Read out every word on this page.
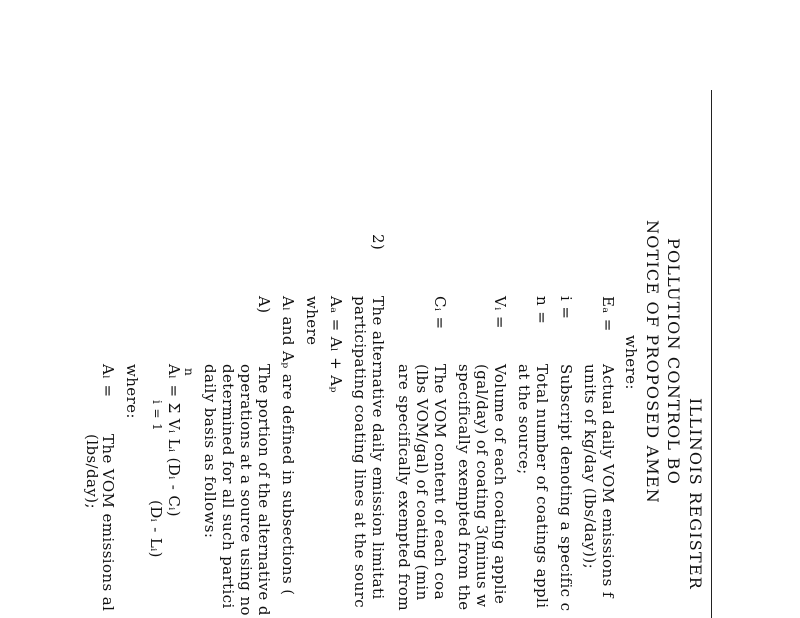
ILLINOIS REGISTER
POLLUTION CONTROL BO
NOTICE OF PROPOSED AMEN
where:
Eₐ =
Actual daily VOM emissions f
units of kg/day (lbs/day));
i =
Subscript denoting a specific c
n =
Total number of coatings appli
at the source;
Vᵢ =
Volume of each coating applie
(gal/day) of coating 3(minus w
specifically exempted from the
Cᵢ =
The VOM content of each coa
(lbs VOM/gal) of coating (min
are specifically exempted from
2)
The alternative daily emission limitati
participating coating lines at the sourc
Aₐ = Aₗ + Aₚ
where
Aₗ and Aₚ are defined in subsections (
A)
The portion of the alternative d
operations at a source using no
determined for all such partici
daily basis as follows:
n
Aₗ = Σ Vᵢ Lᵢ (Dᵢ - Cᵢ)
i = 1
(Dᵢ - Lᵢ)
where:
Aₗ =
The VOM emissions al
(lbs/day);
